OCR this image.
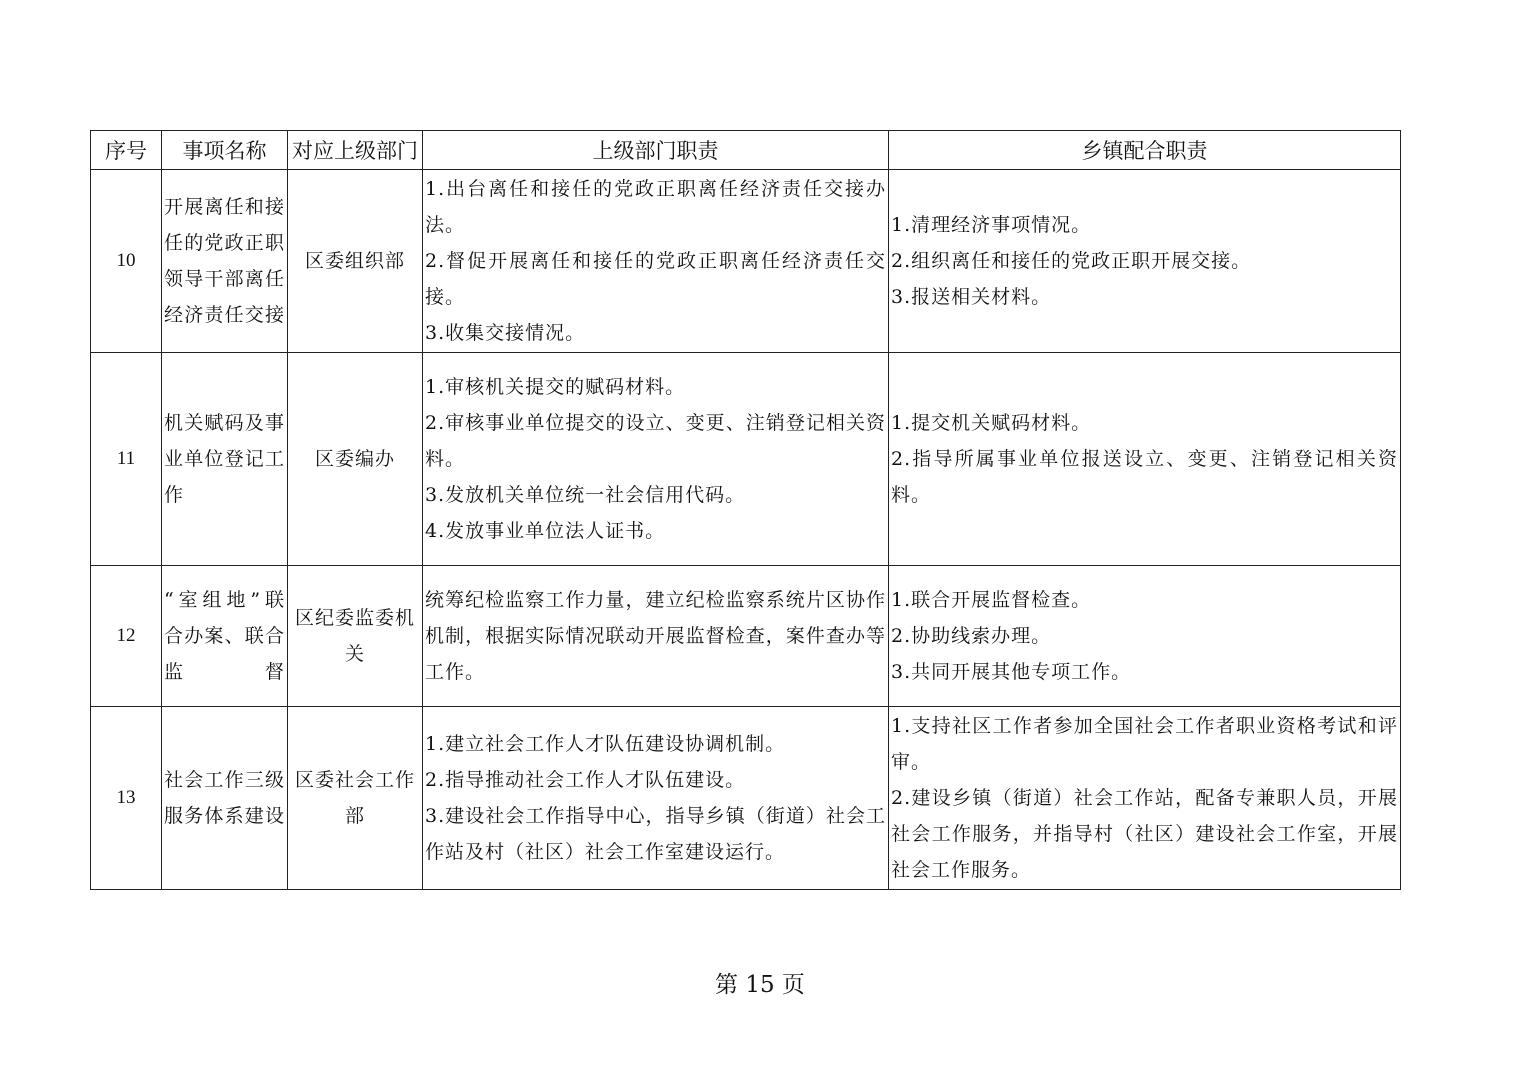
序号	事项名称	对应上级部门	上级部门职责	乡镇配合职责
10	开展离任和接任的党政正职领导干部离任经济责任交接	区委组织部	1.出台离任和接任的党政正职离任经济责任交接办法。
2.督促开展离任和接任的党政正职离任经济责任交接。
3.收集交接情况。	1.清理经济事项情况。
2.组织离任和接任的党政正职开展交接。
3.报送相关材料。

11	机关赋码及事业单位登记工作	区委编办	1.审核机关提交的赋码材料。
2.审核事业单位提交的设立、变更、注销登记相关资料。
3.发放机关单位统一社会信用代码。
4.发放事业单位法人证书。	1.提交机关赋码材料。
2.指导所属事业单位报送设立、变更、注销登记相关资料。

12	“室组地”联合办案、联合监督	区纪委监委机关	统筹纪检监察工作力量，建立纪检监察系统片区协作机制，根据实际情况联动开展监督检查，案件查办等工作。	1.联合开展监督检查。
2.协助线索办理。
3.共同开展其他专项工作。

13	社会工作三级服务体系建设	区委社会工作部	1.建立社会工作人才队伍建设协调机制。
2.指导推动社会工作人才队伍建设。
3.建设社会工作指导中心，指导乡镇（街道）社会工作站及村（社区）社会工作室建设运行。	1.支持社区工作者参加全国社会工作者职业资格考试和评审。
2.建设乡镇（街道）社会工作站，配备专兼职人员，开展社会工作服务，并指导村（社区）建设社会工作室，开展社会工作服务。
第 15 页
